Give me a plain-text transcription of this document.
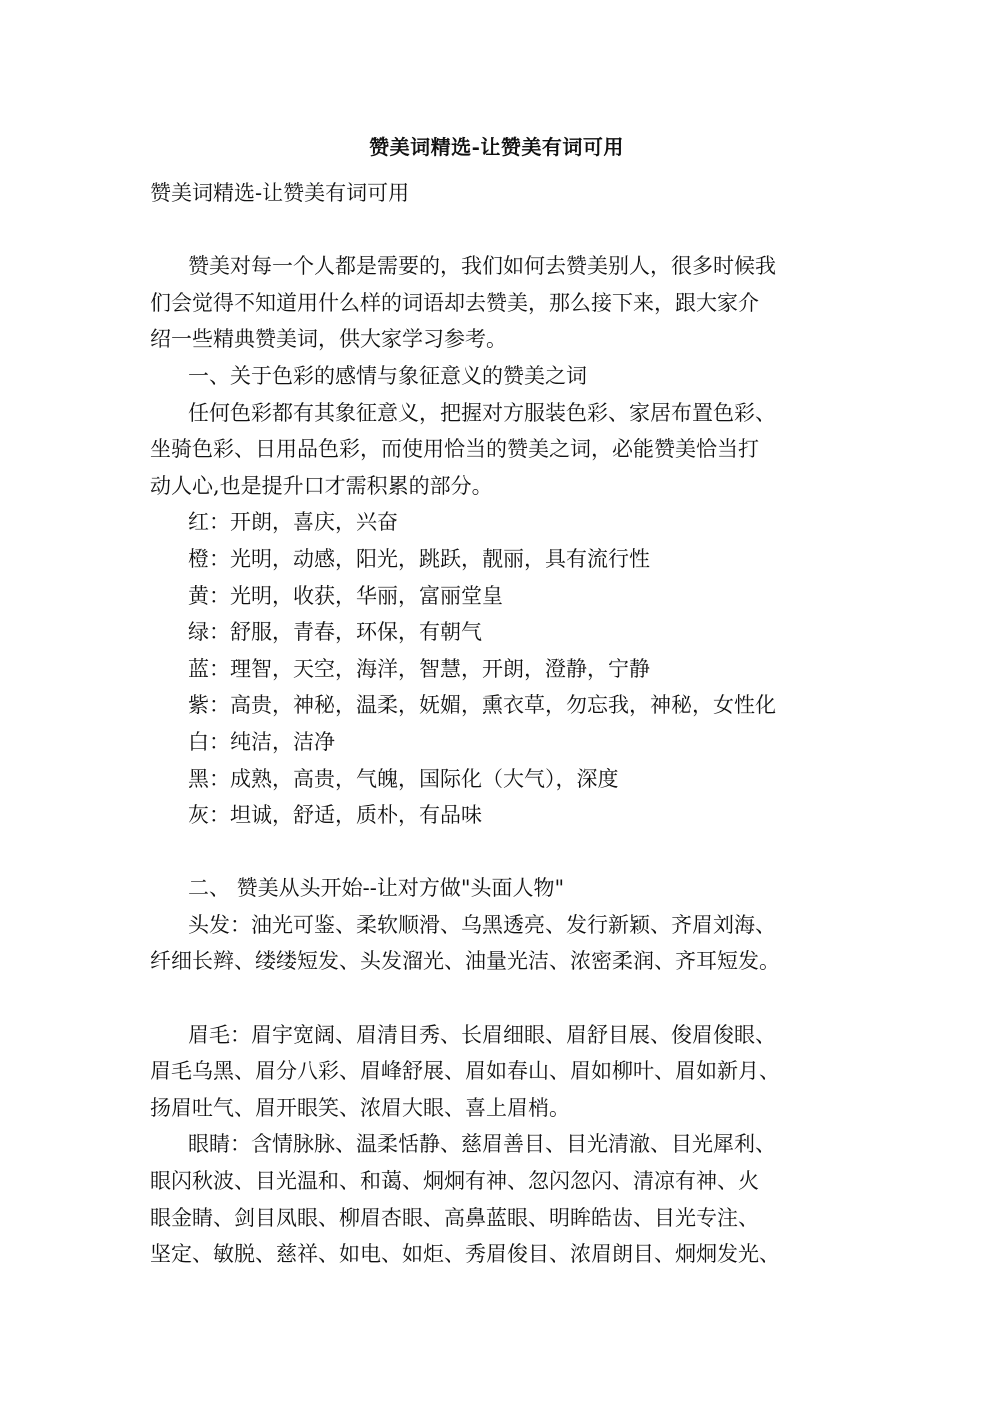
赞美词精选-让赞美有词可用

赞美词精选-让赞美有词可用

赞美对每一个人都是需要的，我们如何去赞美别人，很多时候我

们会觉得不知道用什么样的词语却去赞美，那么接下来，跟大家介

绍一些精典赞美词，供大家学习参考。

一、关于色彩的感情与象征意义的赞美之词

任何色彩都有其象征意义，把握对方服装色彩、家居布置色彩、

坐骑色彩、日用品色彩，而使用恰当的赞美之词，必能赞美恰当打

动人心,也是提升口才需积累的部分。

红：开朗，喜庆，兴奋

橙：光明，动感，阳光，跳跃，靓丽，具有流行性

黄：光明，收获，华丽，富丽堂皇

绿：舒服，青春，环保，有朝气

蓝：理智，天空，海洋，智慧，开朗，澄静，宁静

紫：高贵，神秘，温柔，妩媚，熏衣草，勿忘我，神秘，女性化

白：纯洁，洁净

黑：成熟，高贵，气魄，国际化（大气），深度

灰：坦诚，舒适，质朴，有品味

二、 赞美从头开始--让对方做"头面人物"

头发：油光可鉴、柔软顺滑、乌黑透亮、发行新颖、齐眉刘海、

纤细长辫、缕缕短发、头发溜光、油量光洁、浓密柔润、齐耳短发。

眉毛：眉宇宽阔、眉清目秀、长眉细眼、眉舒目展、俊眉俊眼、

眉毛乌黑、眉分八彩、眉峰舒展、眉如春山、眉如柳叶、眉如新月、

扬眉吐气、眉开眼笑、浓眉大眼、喜上眉梢。

眼睛：含情脉脉、温柔恬静、慈眉善目、目光清澈、目光犀利、

眼闪秋波、目光温和、和蔼、炯炯有神、忽闪忽闪、清凉有神、火

眼金睛、剑目凤眼、柳眉杏眼、高鼻蓝眼、明眸皓齿、目光专注、

坚定、敏脱、慈祥、如电、如炬、秀眉俊目、浓眉朗目、炯炯发光、
